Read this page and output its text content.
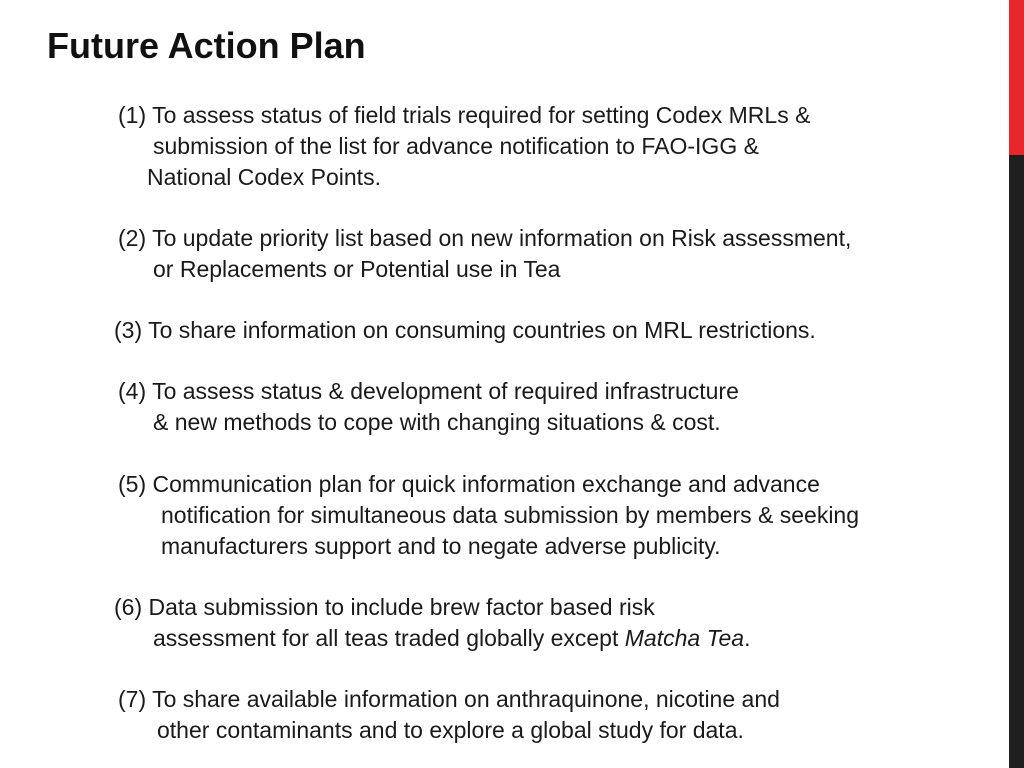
Future Action Plan
(1) To assess status of field trials required for setting Codex MRLs &
submission of the list for advance notification to FAO-IGG &
National Codex Points.
(2) To update priority list based on new information on Risk assessment,
or Replacements or Potential use in Tea
(3) To share information on consuming countries on MRL restrictions.
(4) To assess status & development of required infrastructure
& new methods to cope with changing situations & cost.
(5) Communication plan for quick information exchange and advance
notification for simultaneous data submission by members & seeking
manufacturers support and to negate adverse publicity.
(6) Data submission to include brew factor based risk
assessment for all teas traded globally except Matcha Tea.
(7) To share available information on anthraquinone, nicotine and
other contaminants and to explore a global study for data.
